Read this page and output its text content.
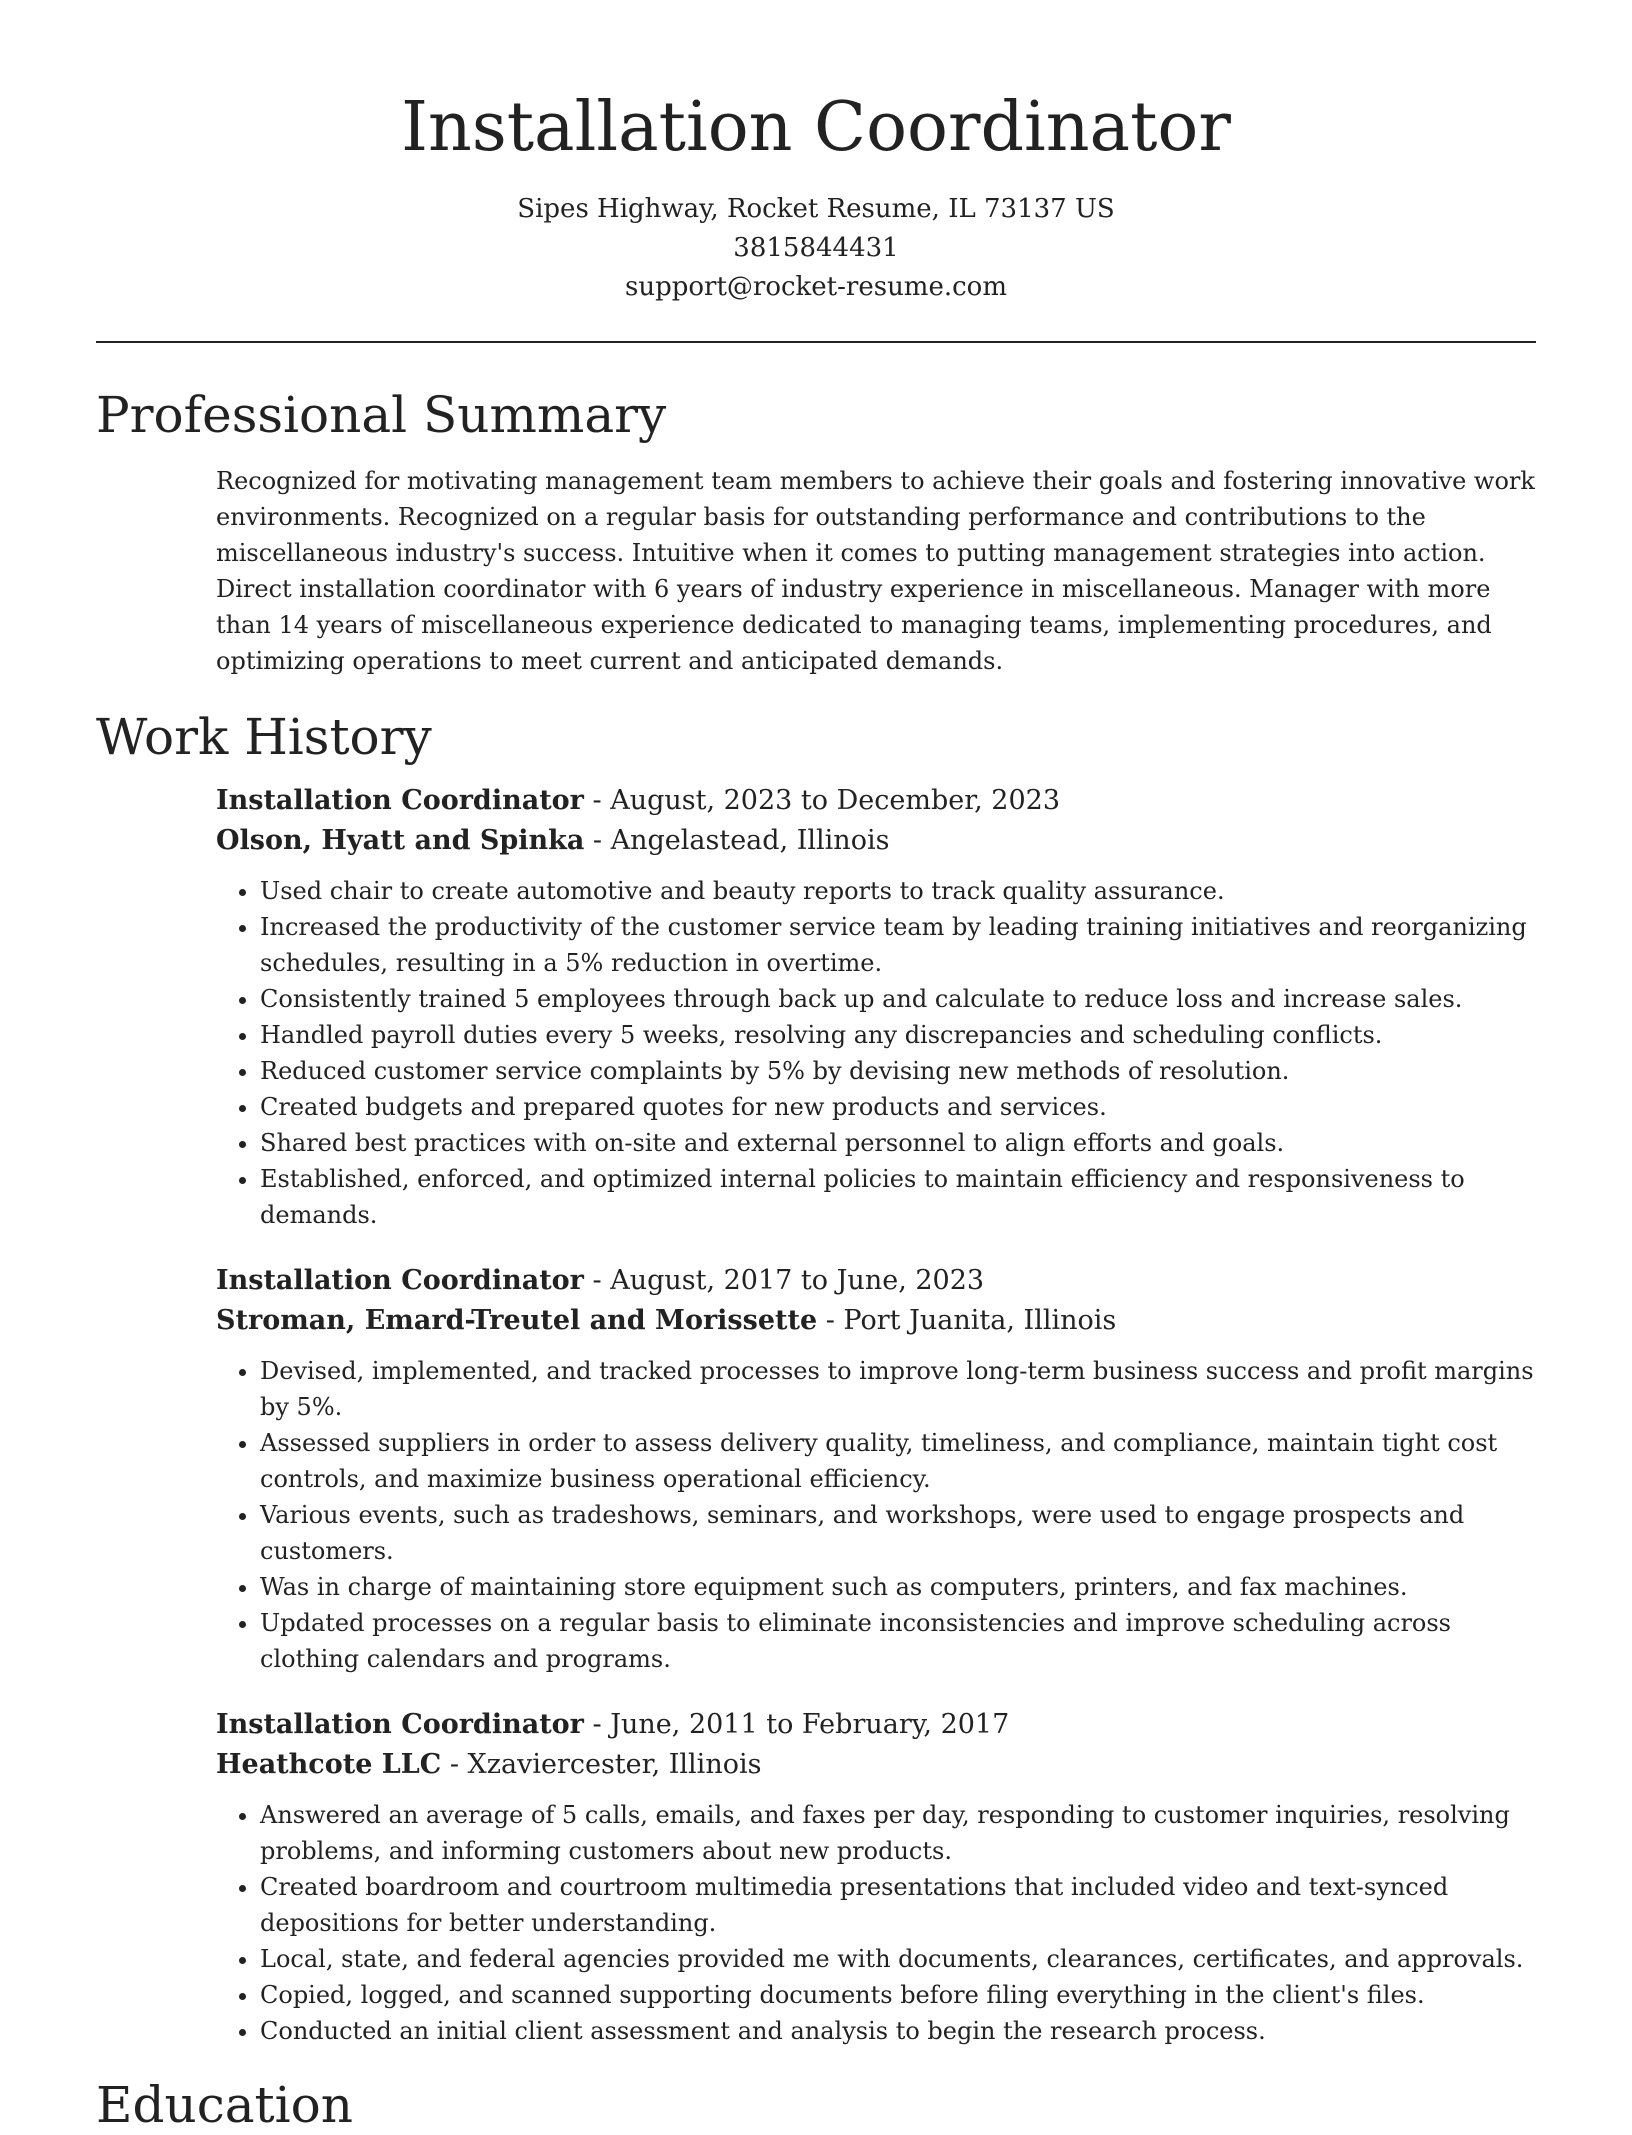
Installation Coordinator
Sipes Highway, Rocket Resume, IL 73137 US
3815844431
support@rocket-resume.com
Professional Summary
Recognized for motivating management team members to achieve their goals and fostering innovative work environments. Recognized on a regular basis for outstanding performance and contributions to the miscellaneous industry's success. Intuitive when it comes to putting management strategies into action. Direct installation coordinator with 6 years of industry experience in miscellaneous. Manager with more than 14 years of miscellaneous experience dedicated to managing teams, implementing procedures, and optimizing operations to meet current and anticipated demands.
Work History
Installation Coordinator - August, 2023 to December, 2023
Olson, Hyatt and Spinka - Angelastead, Illinois
• Used chair to create automotive and beauty reports to track quality assurance.
• Increased the productivity of the customer service team by leading training initiatives and reorganizing schedules, resulting in a 5% reduction in overtime.
• Consistently trained 5 employees through back up and calculate to reduce loss and increase sales.
• Handled payroll duties every 5 weeks, resolving any discrepancies and scheduling conflicts.
• Reduced customer service complaints by 5% by devising new methods of resolution.
• Created budgets and prepared quotes for new products and services.
• Shared best practices with on-site and external personnel to align efforts and goals.
• Established, enforced, and optimized internal policies to maintain efficiency and responsiveness to demands.
Installation Coordinator - August, 2017 to June, 2023
Stroman, Emard-Treutel and Morissette - Port Juanita, Illinois
• Devised, implemented, and tracked processes to improve long-term business success and profit margins by 5%.
• Assessed suppliers in order to assess delivery quality, timeliness, and compliance, maintain tight cost controls, and maximize business operational efficiency.
• Various events, such as tradeshows, seminars, and workshops, were used to engage prospects and customers.
• Was in charge of maintaining store equipment such as computers, printers, and fax machines.
• Updated processes on a regular basis to eliminate inconsistencies and improve scheduling across clothing calendars and programs.
Installation Coordinator - June, 2011 to February, 2017
Heathcote LLC - Xzaviercester, Illinois
• Answered an average of 5 calls, emails, and faxes per day, responding to customer inquiries, resolving problems, and informing customers about new products.
• Created boardroom and courtroom multimedia presentations that included video and text-synced depositions for better understanding.
• Local, state, and federal agencies provided me with documents, clearances, certificates, and approvals.
• Copied, logged, and scanned supporting documents before filing everything in the client's files.
• Conducted an initial client assessment and analysis to begin the research process.
Education
